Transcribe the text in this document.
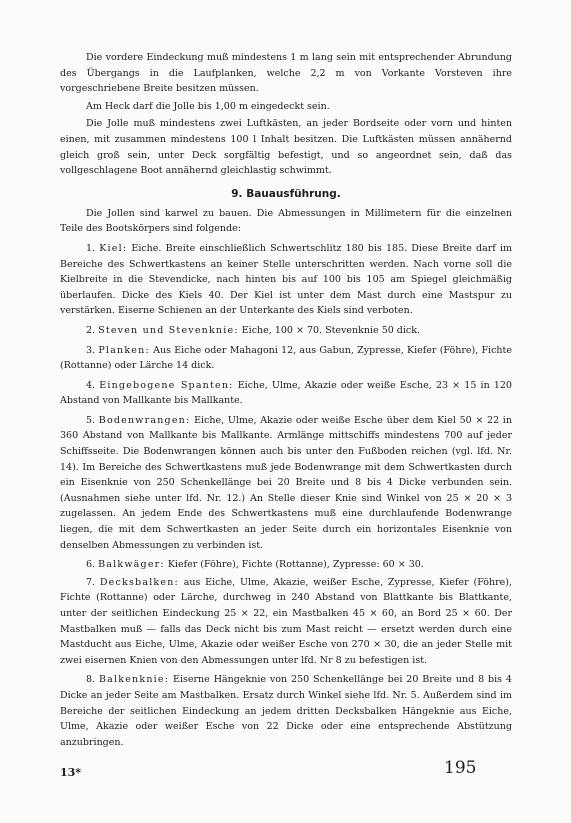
Die vordere Eindeckung muß mindestens 1 m lang sein mit entsprechender Abrundung des Übergangs in die Laufplanken, welche 2,2 m von Vorkante Vorsteven ihre vorgeschriebene Breite besitzen müssen.

Am Heck darf die Jolle bis 1,00 m eingedeckt sein.

Die Jolle muß mindestens zwei Luftkästen, an jeder Bordseite oder vorn und hinten einen, mit zusammen mindestens 100 l Inhalt besitzen. Die Luftkästen müssen annähernd gleich groß sein, unter Deck sorgfältig befestigt, und so angeordnet sein, daß das vollgeschlagene Boot annähernd gleichlastig schwimmt.

9. Bauausführung.

Die Jollen sind karwel zu bauen. Die Abmessungen in Millimetern für die einzelnen Teile des Bootskörpers sind folgende:

1. Kiel: Eiche. Breite einschließlich Schwertschlitz 180 bis 185. Diese Breite darf im Bereiche des Schwertkastens an keiner Stelle unterschritten werden. Nach vorne soll die Kielbreite in die Stevendicke, nach hinten bis auf 100 bis 105 am Spiegel gleichmäßig überlaufen. Dicke des Kiels 40. Der Kiel ist unter dem Mast durch eine Mastspur zu verstärken. Eiserne Schienen an der Unterkante des Kiels sind verboten.

2. Steven und Stevenknie: Eiche, 100 × 70. Stevenknie 50 dick.

3. Planken: Aus Eiche oder Mahagoni 12, aus Gabun, Zypresse, Kiefer (Föhre), Fichte (Rottanne) oder Lärche 14 dick.

4. Eingebogene Spanten: Eiche, Ulme, Akazie oder weiße Esche, 23 × 15 in 120 Abstand von Mallkante bis Mallkante.

5. Bodenwrangen: Eiche, Ulme, Akazie oder weiße Esche über dem Kiel 50 × 22 in 360 Abstand von Mallkante bis Mallkante. Armlänge mittschiffs mindestens 700 auf jeder Schiffsseite. Die Bodenwrangen können auch bis unter den Fußboden reichen (vgl. lfd. Nr. 14). Im Bereiche des Schwertkastens muß jede Bodenwrange mit dem Schwertkasten durch ein Eisenknie von 250 Schenkellänge bei 20 Breite und 8 bis 4 Dicke verbunden sein. (Ausnahmen siehe unter lfd. Nr. 12.) An Stelle dieser Knie sind Winkel von 25 × 20 × 3 zugelassen. An jedem Ende des Schwertkastens muß eine durchlaufende Bodenwrange liegen, die mit dem Schwertkasten an jeder Seite durch ein horizontales Eisenknie von denselben Abmessungen zu verbinden ist.

6. Balkwäger: Kiefer (Föhre), Fichte (Rottanne), Zypresse: 60 × 30.

7. Decksbalken: aus Eiche, Ulme, Akazie, weißer Esche, Zypresse, Kiefer (Föhre), Fichte (Rottanne) oder Lärche, durchweg in 240 Abstand von Blattkante bis Blattkante, unter der seitlichen Eindeckung 25 × 22, ein Mastbalken 45 × 60, an Bord 25 × 60. Der Mastbalken muß — falls das Deck nicht bis zum Mast reicht — ersetzt werden durch eine Mastducht aus Eiche, Ulme, Akazie oder weißer Esche von 270 × 30, die an jeder Stelle mit zwei eisernen Knien von den Abmessungen unter lfd. Nr 8 zu befestigen ist.

8. Balkenknie: Eiserne Hängeknie von 250 Schenkellänge bei 20 Breite und 8 bis 4 Dicke an jeder Seite am Mastbalken. Ersatz durch Winkel siehe lfd. Nr. 5. Außerdem sind im Bereiche der seitlichen Eindeckung an jedem dritten Decksbalken Hängeknie aus Eiche, Ulme, Akazie oder weißer Esche von 22 Dicke oder eine entsprechende Abstützung anzubringen.

13*	195
